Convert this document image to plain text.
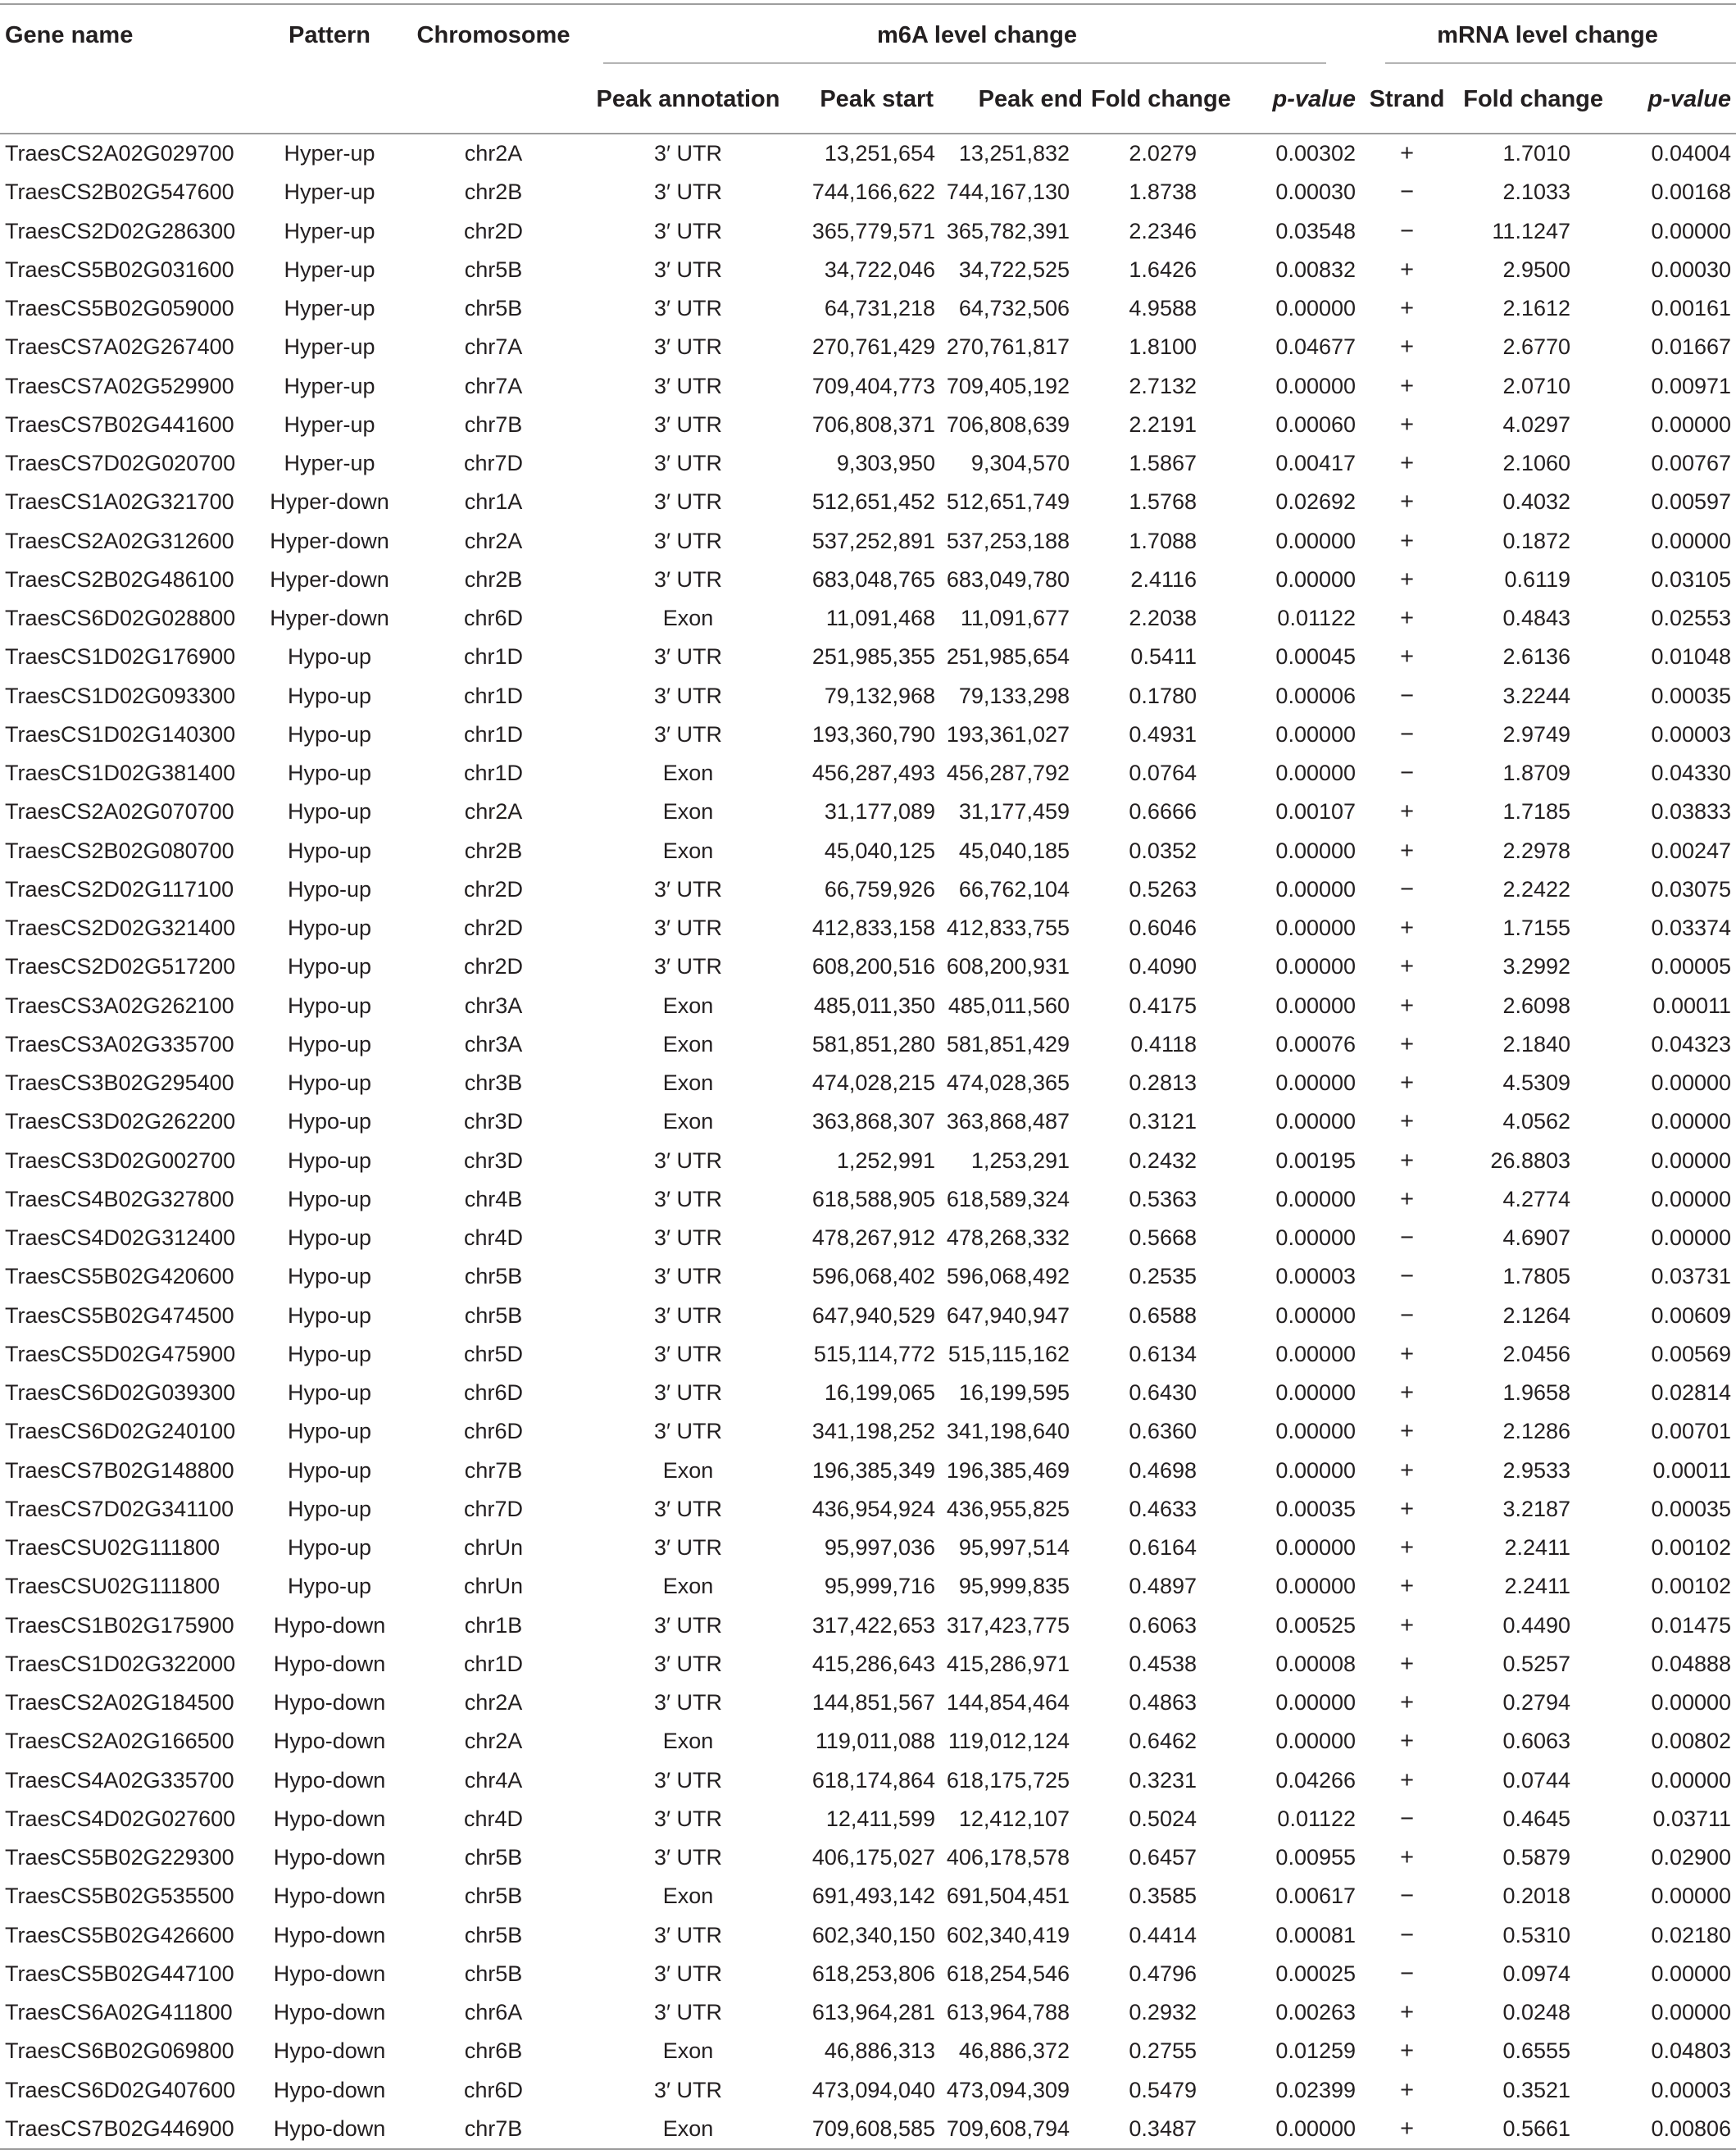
Gene name	Pattern	Chromosome	m6A level change					mRNA level change		
			Peak annotation	Peak start	Peak end	Fold change	p-value	Strand	Fold change	p-value
TraesCS2A02G029700	Hyper-up	chr2A	3′ UTR	13,251,654	13,251,832	2.0279	0.00302	+	1.7010	0.04004
TraesCS2B02G547600	Hyper-up	chr2B	3′ UTR	744,166,622	744,167,130	1.8738	0.00030	−	2.1033	0.00168
TraesCS2D02G286300	Hyper-up	chr2D	3′ UTR	365,779,571	365,782,391	2.2346	0.03548	−	11.1247	0.00000
TraesCS5B02G031600	Hyper-up	chr5B	3′ UTR	34,722,046	34,722,525	1.6426	0.00832	+	2.9500	0.00030
TraesCS5B02G059000	Hyper-up	chr5B	3′ UTR	64,731,218	64,732,506	4.9588	0.00000	+	2.1612	0.00161
TraesCS7A02G267400	Hyper-up	chr7A	3′ UTR	270,761,429	270,761,817	1.8100	0.04677	+	2.6770	0.01667
TraesCS7A02G529900	Hyper-up	chr7A	3′ UTR	709,404,773	709,405,192	2.7132	0.00000	+	2.0710	0.00971
TraesCS7B02G441600	Hyper-up	chr7B	3′ UTR	706,808,371	706,808,639	2.2191	0.00060	+	4.0297	0.00000
TraesCS7D02G020700	Hyper-up	chr7D	3′ UTR	9,303,950	9,304,570	1.5867	0.00417	+	2.1060	0.00767
TraesCS1A02G321700	Hyper-down	chr1A	3′ UTR	512,651,452	512,651,749	1.5768	0.02692	+	0.4032	0.00597
TraesCS2A02G312600	Hyper-down	chr2A	3′ UTR	537,252,891	537,253,188	1.7088	0.00000	+	0.1872	0.00000
TraesCS2B02G486100	Hyper-down	chr2B	3′ UTR	683,048,765	683,049,780	2.4116	0.00000	+	0.6119	0.03105
TraesCS6D02G028800	Hyper-down	chr6D	Exon	11,091,468	11,091,677	2.2038	0.01122	+	0.4843	0.02553
TraesCS1D02G176900	Hypo-up	chr1D	3′ UTR	251,985,355	251,985,654	0.5411	0.00045	+	2.6136	0.01048
TraesCS1D02G093300	Hypo-up	chr1D	3′ UTR	79,132,968	79,133,298	0.1780	0.00006	−	3.2244	0.00035
TraesCS1D02G140300	Hypo-up	chr1D	3′ UTR	193,360,790	193,361,027	0.4931	0.00000	−	2.9749	0.00003
TraesCS1D02G381400	Hypo-up	chr1D	Exon	456,287,493	456,287,792	0.0764	0.00000	−	1.8709	0.04330
TraesCS2A02G070700	Hypo-up	chr2A	Exon	31,177,089	31,177,459	0.6666	0.00107	+	1.7185	0.03833
TraesCS2B02G080700	Hypo-up	chr2B	Exon	45,040,125	45,040,185	0.0352	0.00000	+	2.2978	0.00247
TraesCS2D02G117100	Hypo-up	chr2D	3′ UTR	66,759,926	66,762,104	0.5263	0.00000	−	2.2422	0.03075
TraesCS2D02G321400	Hypo-up	chr2D	3′ UTR	412,833,158	412,833,755	0.6046	0.00000	+	1.7155	0.03374
TraesCS2D02G517200	Hypo-up	chr2D	3′ UTR	608,200,516	608,200,931	0.4090	0.00000	+	3.2992	0.00005
TraesCS3A02G262100	Hypo-up	chr3A	Exon	485,011,350	485,011,560	0.4175	0.00000	+	2.6098	0.00011
TraesCS3A02G335700	Hypo-up	chr3A	Exon	581,851,280	581,851,429	0.4118	0.00076	+	2.1840	0.04323
TraesCS3B02G295400	Hypo-up	chr3B	Exon	474,028,215	474,028,365	0.2813	0.00000	+	4.5309	0.00000
TraesCS3D02G262200	Hypo-up	chr3D	Exon	363,868,307	363,868,487	0.3121	0.00000	+	4.0562	0.00000
TraesCS3D02G002700	Hypo-up	chr3D	3′ UTR	1,252,991	1,253,291	0.2432	0.00195	+	26.8803	0.00000
TraesCS4B02G327800	Hypo-up	chr4B	3′ UTR	618,588,905	618,589,324	0.5363	0.00000	+	4.2774	0.00000
TraesCS4D02G312400	Hypo-up	chr4D	3′ UTR	478,267,912	478,268,332	0.5668	0.00000	−	4.6907	0.00000
TraesCS5B02G420600	Hypo-up	chr5B	3′ UTR	596,068,402	596,068,492	0.2535	0.00003	−	1.7805	0.03731
TraesCS5B02G474500	Hypo-up	chr5B	3′ UTR	647,940,529	647,940,947	0.6588	0.00000	−	2.1264	0.00609
TraesCS5D02G475900	Hypo-up	chr5D	3′ UTR	515,114,772	515,115,162	0.6134	0.00000	+	2.0456	0.00569
TraesCS6D02G039300	Hypo-up	chr6D	3′ UTR	16,199,065	16,199,595	0.6430	0.00000	+	1.9658	0.02814
TraesCS6D02G240100	Hypo-up	chr6D	3′ UTR	341,198,252	341,198,640	0.6360	0.00000	+	2.1286	0.00701
TraesCS7B02G148800	Hypo-up	chr7B	Exon	196,385,349	196,385,469	0.4698	0.00000	+	2.9533	0.00011
TraesCS7D02G341100	Hypo-up	chr7D	3′ UTR	436,954,924	436,955,825	0.4633	0.00035	+	3.2187	0.00035
TraesCSU02G111800	Hypo-up	chrUn	3′ UTR	95,997,036	95,997,514	0.6164	0.00000	+	2.2411	0.00102
TraesCSU02G111800	Hypo-up	chrUn	Exon	95,999,716	95,999,835	0.4897	0.00000	+	2.2411	0.00102
TraesCS1B02G175900	Hypo-down	chr1B	3′ UTR	317,422,653	317,423,775	0.6063	0.00525	+	0.4490	0.01475
TraesCS1D02G322000	Hypo-down	chr1D	3′ UTR	415,286,643	415,286,971	0.4538	0.00008	+	0.5257	0.04888
TraesCS2A02G184500	Hypo-down	chr2A	3′ UTR	144,851,567	144,854,464	0.4863	0.00000	+	0.2794	0.00000
TraesCS2A02G166500	Hypo-down	chr2A	Exon	119,011,088	119,012,124	0.6462	0.00000	+	0.6063	0.00802
TraesCS4A02G335700	Hypo-down	chr4A	3′ UTR	618,174,864	618,175,725	0.3231	0.04266	+	0.0744	0.00000
TraesCS4D02G027600	Hypo-down	chr4D	3′ UTR	12,411,599	12,412,107	0.5024	0.01122	−	0.4645	0.03711
TraesCS5B02G229300	Hypo-down	chr5B	3′ UTR	406,175,027	406,178,578	0.6457	0.00955	+	0.5879	0.02900
TraesCS5B02G535500	Hypo-down	chr5B	Exon	691,493,142	691,504,451	0.3585	0.00617	−	0.2018	0.00000
TraesCS5B02G426600	Hypo-down	chr5B	3′ UTR	602,340,150	602,340,419	0.4414	0.00081	−	0.5310	0.02180
TraesCS5B02G447100	Hypo-down	chr5B	3′ UTR	618,253,806	618,254,546	0.4796	0.00025	−	0.0974	0.00000
TraesCS6A02G411800	Hypo-down	chr6A	3′ UTR	613,964,281	613,964,788	0.2932	0.00263	+	0.0248	0.00000
TraesCS6B02G069800	Hypo-down	chr6B	Exon	46,886,313	46,886,372	0.2755	0.01259	+	0.6555	0.04803
TraesCS6D02G407600	Hypo-down	chr6D	3′ UTR	473,094,040	473,094,309	0.5479	0.02399	+	0.3521	0.00003
TraesCS7B02G446900	Hypo-down	chr7B	Exon	709,608,585	709,608,794	0.3487	0.00000	+	0.5661	0.00806
